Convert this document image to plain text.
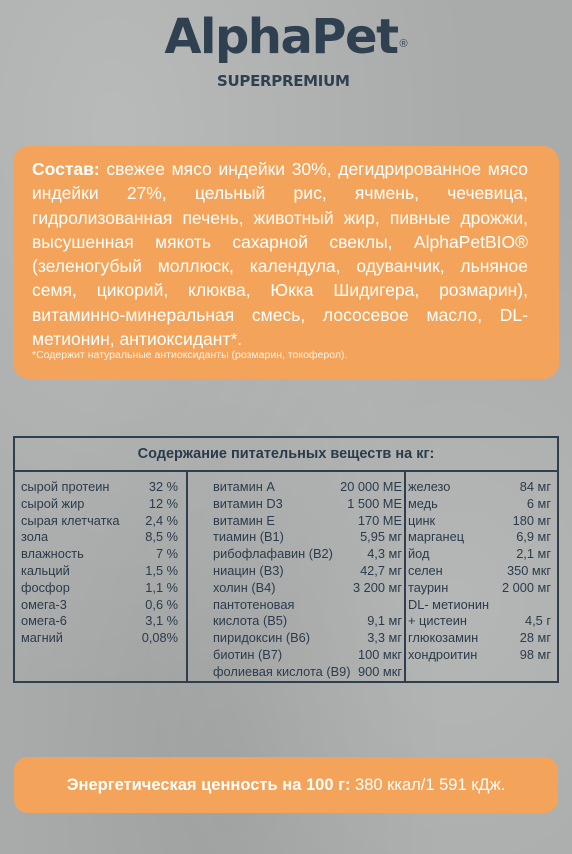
AlphaPet ®
SUPERPREMIUM

Состав: свежее мясо индейки 30%, дегидрированное мясо индейки 27%, цельный рис, ячмень, чечевица, гидролизованная печень, животный жир, пивные дрожжи, высушенная мякоть сахарной свеклы, AlphaPetBIO® (зеленогубый моллюск, календула, одуванчик, льняное семя, цикорий, клюква, Юкка Шидигера, розмарин), витаминно-минеральная смесь, лососевое масло, DL-метионин, антиоксидант*.

*Содержит натуральные антиоксиданты (розмарин, токоферол).
Содержание питательных веществ на кг:
сырой протеин	32 %
сырой жир	12 %
сырая клетчатка 2,4 %
зола	8,5 %
влажность	7 %
кальций	1,5 %
фосфор	1,1 %
омега-3	0,6 %
омега-6	3,1 %
магний	0,08%
витамин A	20 000 МЕ
витамин D3	1 500 МЕ
витамин E	170 МЕ
тиамин (B1)	5,95 мг
рибофлафавин (B2)	4,3 мг
ниацин (B3)	42,7 мг
холин (B4)	3 200 мг
пантотеновая
кислота (B5)	9,1 мг
пиридоксин (B6)	3,3 мг
биотин (B7)	100 мкг
фолиевая кислота (B9) 900 мкг
железо	84 мг
медь	6 мг
цинк	180 мг
марганец	6,9 мг
йод	2,1 мг
селен	350 мкг
таурин	2 000 мг
DL- метионин
+ цистеин	4,5 г
глюкозамин	28 мг
хондроитин	98 мг
Энергетическая ценность на 100 г: 380 ккал/1 591 кДж.
